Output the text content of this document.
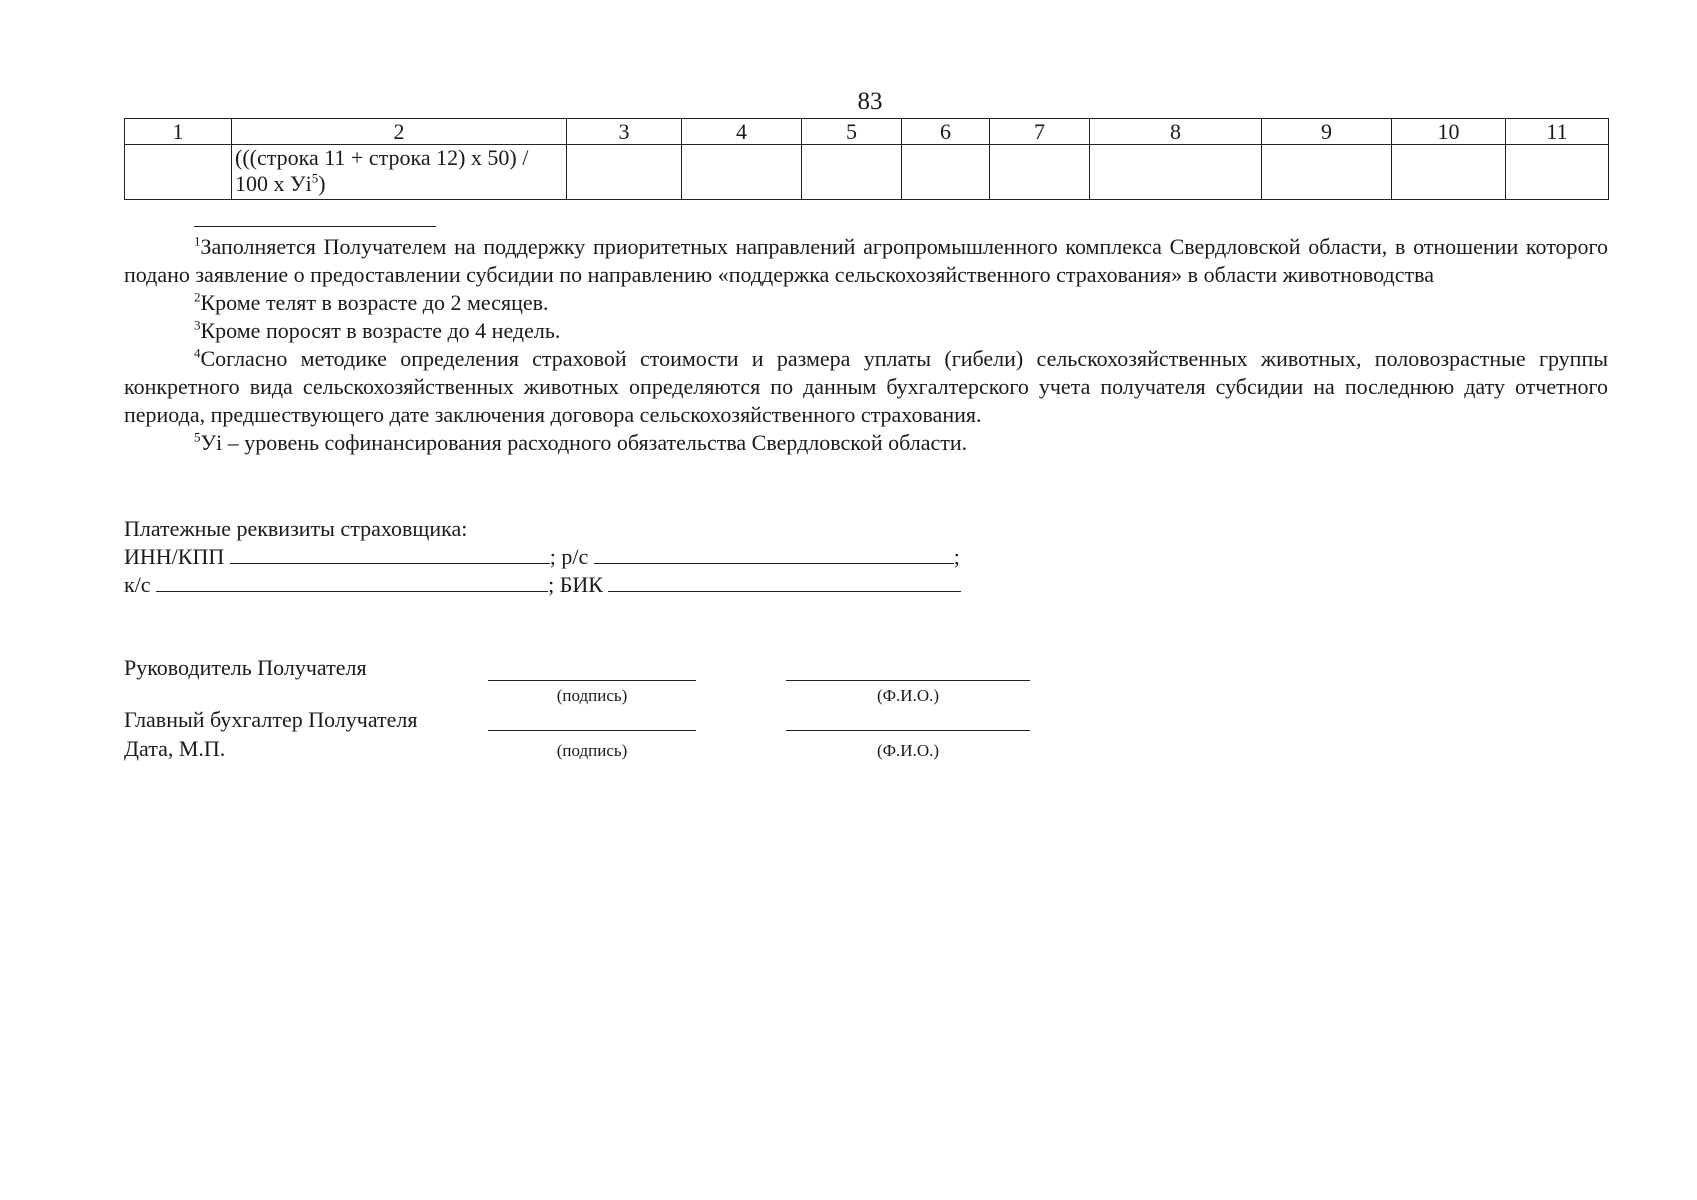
83
1	2	3	4	5	6	7	8	9	10	11

	(((строка 11 + строка 12) х 50) /
100 х $Уi^5$)									

$^1$Заполняется Получателем на поддержку приоритетных направлений агропромышленного комплекса Свердловской области, в отношении которого подано заявление о предоставлении субсидии по направлению «поддержка сельскохозяйственного страхования» в области животноводства

$^2$Кроме телят в возрасте до 2 месяцев.

$^3$Кроме поросят в возрасте до 4 недель.

$^4$Согласно методике определения страховой стоимости и размера уплаты (гибели) сельскохозяйственных животных, половозрастные группы конкретного вида сельскохозяйственных животных определяются по данным бухгалтерского учета получателя субсидии на последнюю дату отчетного периода, предшествующего дате заключения договора сельскохозяйственного страхования.

$^5$Уi – уровень софинансирования расходного обязательства Свердловской области.

Платежные реквизиты страховщика:
ИНН/КПП	; р/с	;
к/с	; БИК
Руководитель Получателя
(подпись)	(Ф.И.О.)
Главный бухгалтер Получателя
Дата, М.П.	(подпись)	(Ф.И.О.)
